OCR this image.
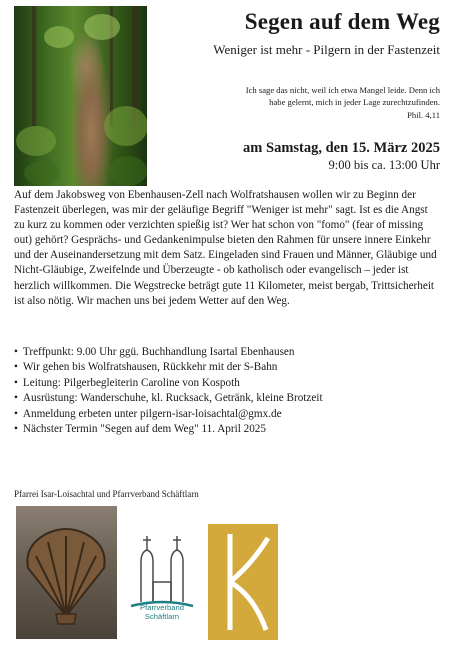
Segen auf dem Weg
Weniger ist mehr - Pilgern in der Fastenzeit
Ich sage das nicht, weil ich etwa Mangel leide. Denn ich
habe gelernt, mich in jeder Lage zurechtzufinden.
Phil. 4,11
am Samstag, den 15. März 2025
9:00 bis ca. 13:00 Uhr
Auf dem Jakobsweg von Ebenhausen-Zell nach Wolfratshausen wollen wir zu Beginn der Fastenzeit überlegen, was mir der geläufige Begriff "Weniger ist mehr" sagt. Ist es die Angst zu kurz zu kommen oder verzichten spießig ist? Wer hat schon von "fomo" (fear of missing out) gehört? Gesprächs- und Gedankenimpulse bieten den Rahmen für unsere innere Einkehr und der Auseinandersetzung mit dem Satz. Eingeladen sind Frauen und Männer, Gläubige und Nicht-Gläubige, Zweifelnde und Überzeugte - ob katholisch oder evangelisch – jeder ist herzlich willkommen. Die Wegstrecke beträgt gute 11 Kilometer, meist bergab, Trittsicherheit ist also nötig. Wir machen uns bei jedem Wetter auf den Weg.
• Treffpunkt: 9.00 Uhr ggü. Buchhandlung Isartal Ebenhausen
• Wir gehen bis Wolfratshausen, Rückkehr mit der S-Bahn
• Leitung: Pilgerbegleiterin Caroline von Kospoth
• Ausrüstung: Wanderschuhe, kl. Rucksack, Getränk, kleine Brotzeit
• Anmeldung erbeten unter pilgern-isar-loisachtal@gmx.de
• Nächster Termin "Segen auf dem Weg" 11. April 2025
Pfarrei Isar-Loisachtal und Pfarrverband Schäftlarn
Pfarrverband
Schäftlarn
